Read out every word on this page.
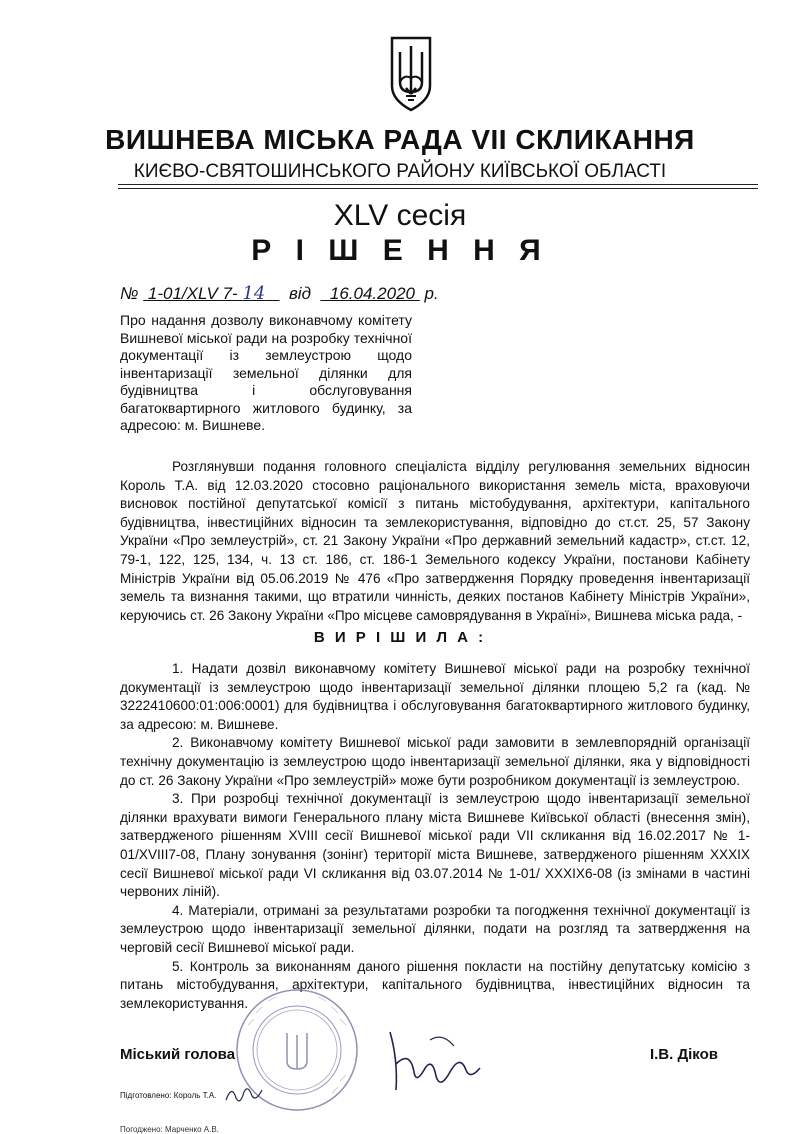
ВИШНЕВА МІСЬКА РАДА VII СКЛИКАННЯ
КИЄВО-СВЯТОШИНСЬКОГО РАЙОНУ КИЇВСЬКОЇ ОБЛАСТІ
XLV сесія
Р І Ш Е Н Н Я
№ 1-01/XLV 7- 14 від 16.04.2020 р.
Про надання дозволу виконавчому комітету Вишневої міської ради на розробку технічної документації із землеустрою щодо інвентаризації земельної ділянки для будівництва і обслуговування багатоквартирного житлового будинку, за адресою: м. Вишневе.

Розглянувши подання головного спеціаліста відділу регулювання земельних відносин Король Т.А. від 12.03.2020 стосовно раціонального використання земель міста, враховуючи висновок постійної депутатської комісії з питань містобудування, архітектури, капітального будівництва, інвестиційних відносин та землекористування, відповідно до ст.ст. 25, 57 Закону України «Про землеустрій», ст. 21 Закону України «Про державний земельний кадастр», ст.ст. 12, 79-1, 122, 125, 134, ч. 13 ст. 186, ст. 186-1 Земельного кодексу України, постанови Кабінету Міністрів України від 05.06.2019 № 476 «Про затвердження Порядку проведення інвентаризації земель та визнання такими, що втратили чинність, деяких постанов Кабінету Міністрів України», керуючись ст. 26 Закону України «Про місцеве самоврядування в Україні», Вишнева міська рада, -

В И Р І Ш И Л А :

1. Надати дозвіл виконавчому комітету Вишневої міської ради на розробку технічної документації із землеустрою щодо інвентаризації земельної ділянки площею 5,2 га (кад. № 3222410600:01:006:0001) для будівництва і обслуговування багатоквартирного житлового будинку, за адресою: м. Вишневе.

2. Виконавчому комітету Вишневої міської ради замовити в землевпорядній організації технічну документацію із землеустрою щодо інвентаризації земельної ділянки, яка у відповідності до ст. 26 Закону України «Про землеустрій» може бути розробником документації із землеустрою.

3. При розробці технічної документації із землеустрою щодо інвентаризації земельної ділянки врахувати вимоги Генерального плану міста Вишневе Київської області (внесення змін), затвердженого рішенням XVIII сесії Вишневої міської ради VII скликання від 16.02.2017 № 1-01/XVIII7-08, Плану зонування (зонінг) території міста Вишневе, затвердженого рішенням XXXIX сесії Вишневої міської ради VI скликання від 03.07.2014 № 1-01/ XXXIX6-08 (із змінами в частині червоних ліній).

4. Матеріали, отримані за результатами розробки та погодження технічної документації із землеустрою щодо інвентаризації земельної ділянки, подати на розгляд та затвердження на черговій сесії Вишневої міської ради.

5. Контроль за виконанням даного рішення покласти на постійну депутатську комісію з питань містобудування, архітектури, капітального будівництва, інвестиційних відносин та землекористування.

Міський голова	І.В. Діков
Підготовлено: Король Т.А.
Погоджено: Марченко А.В.
